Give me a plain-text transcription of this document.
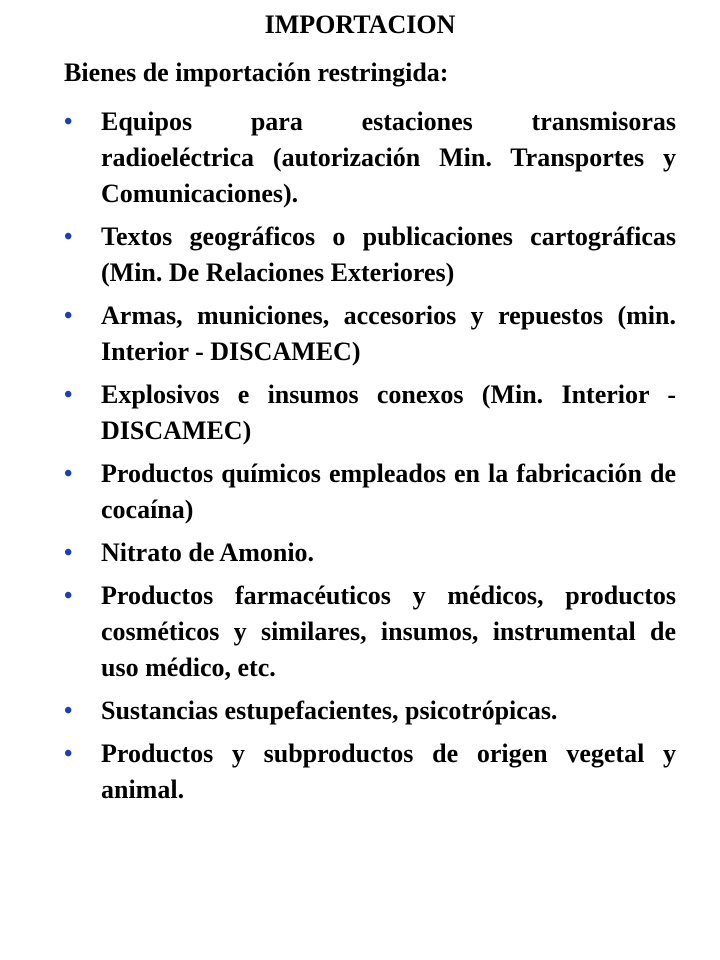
IMPORTACION
Bienes de importación restringida:
• Equipos para estaciones transmisoras radioeléctrica (autorización Min. Transportes y Comunicaciones).
• Textos geográficos o publicaciones cartográficas (Min. De Relaciones Exteriores)
• Armas, municiones, accesorios y repuestos (min. Interior - DISCAMEC)
• Explosivos e insumos conexos (Min. Interior - DISCAMEC)
• Productos químicos empleados en la fabricación de cocaína)
• Nitrato de Amonio.
• Productos farmacéuticos y médicos, productos cosméticos y similares, insumos, instrumental de uso médico, etc.
• Sustancias estupefacientes, psicotrópicas.
• Productos y subproductos de origen vegetal y animal.
